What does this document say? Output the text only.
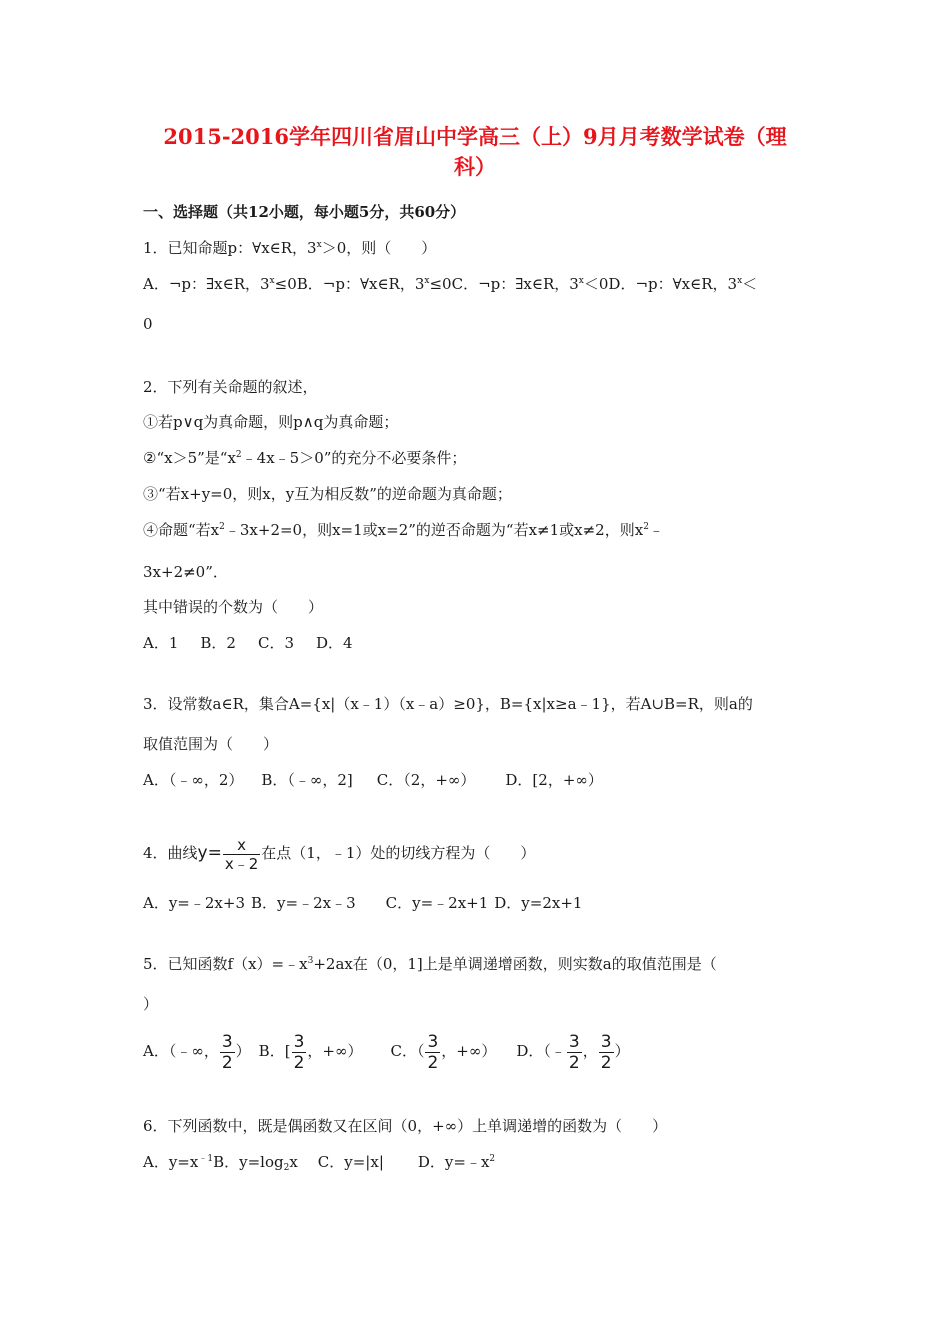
2015-2016学年四川省眉山中学高三（上）9月月考数学试卷（理
科）
一、选择题（共12小题，每小题5分，共60分）
1．已知命题p：∀x∈R，$3^x>0$，则（　　）
A．¬p：∃x∈R，$3^x\le 0B$．¬p：∀x∈R，$3^x\le 0C$．¬p：∃x∈R，$3^x<0D$．¬p：∀x∈R，$3^x<$
0
2．下列有关命题的叙述，
①若p∨q为真命题，则p∧q为真命题；
②“x＞5”是“$x^2﹣4x﹣5>0$”的充分不必要条件；
③“若x+y=0，则x，y互为相反数”的逆命题为真命题；
④命题“若$x^2﹣3x+2=0$，则x=1或x=2”的逆否命题为“若x≠1或x≠2，则$x^2﹣$
3x+2≠0”．
其中错误的个数为（　　）
A．1 B．2 C．3 D．4
3．设常数a∈R，集合A={x|（x﹣1）（x﹣a）≥0}，B={x|x≥a﹣1}，若A∪B=R，则a的
取值范围为（　　）
A．（﹣∞，2） B．（﹣∞，2] C．（2，+∞） D．[2，+∞）
4．曲线$y= \frac{x}{x﹣2}$ 在点（1，﹣1）处的切线方程为（　　）
A．y=﹣2x+3 B．y=﹣2x﹣3 C．y=﹣2x+1 D．y=2x+1
5．已知函数$f(x)=﹣x^3+2ax$在（0，1]上是单调递增函数，则实数a的取值范围是（
）
A．（﹣∞， $\frac{3}{2}$ ） B．[ $\frac{3}{2}$ ，+∞） C．（ $\frac{3}{2}$ ，+∞） D．（﹣ $\frac{3}{2}$ ， $\frac{3}{2}$ ）
6．下列函数中，既是偶函数又在区间（0，+∞）上单调递增的函数为（　　）
A．$y=x^{﹣1}B$．$y=\log_2x$ C．y=|x| D．$y=﹣x^2$
